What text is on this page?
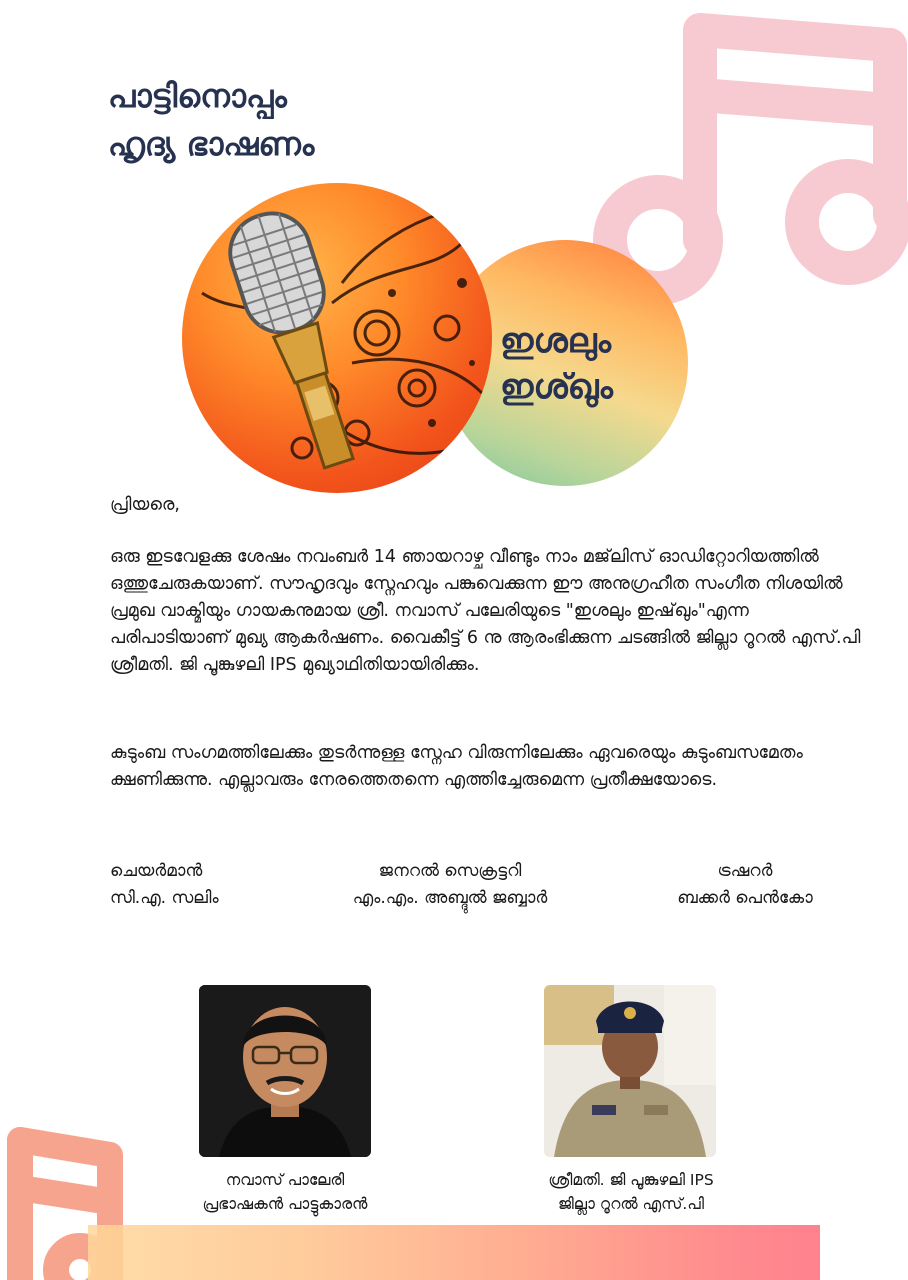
പാട്ടിനൊപ്പം
ഹൃദ്യ ഭാഷണം
ഇശലും
ഇശ്ഖും
പ്രിയരെ,
ഒരു ഇടവേളക്കു ശേഷം നവംബർ 14 ഞായറാഴ്ച വീണ്ടും നാം മജ്‌ലിസ് ഓഡിറ്റോറിയത്തിൽ ഒത്തുചേരുകയാണ്. സൗഹൃദവും സ്നേഹവും പങ്കുവെക്കുന്ന ഈ അനുഗ്രഹീത സംഗീത നിശയിൽ പ്രമുഖ വാക്മിയും ഗായകനുമായ ശ്രീ. നവാസ് പലേരിയുടെ "ഇശലും ഇഷ്‌ഖും"എന്ന പരിപാടിയാണ് മുഖ്യ ആകർഷണം. വൈകീട്ട് 6 നു ആരംഭിക്കുന്ന ചടങ്ങിൽ ജില്ലാ റൂറൽ എസ്.പി ശ്രീമതി. ജി പൂങ്കുഴലി IPS മുഖ്യാഥിതിയായിരിക്കും.
കുടുംബ സംഗമത്തിലേക്കും തുടർന്നുള്ള സ്നേഹ വിരുന്നിലേക്കും ഏവരെയും കുടുംബസമേതം ക്ഷണിക്കുന്നു. എല്ലാവരും നേരത്തെതന്നെ എത്തിച്ചേരുമെന്ന പ്രതീക്ഷയോടെ.
ചെയർമാൻ
സി.എ. സലിം
ജനറൽ സെക്രട്ടറി
എം.എം. അബ്ദുൽ ജബ്ബാർ
ട്രഷറർ
ബക്കർ പെൻകോ
നവാസ് പാലേരി
പ്രഭാഷകൻ പാട്ടുകാരൻ
ശ്രീമതി. ജി പൂങ്കുഴലി IPS
ജില്ലാ റൂറൽ എസ്.പി
